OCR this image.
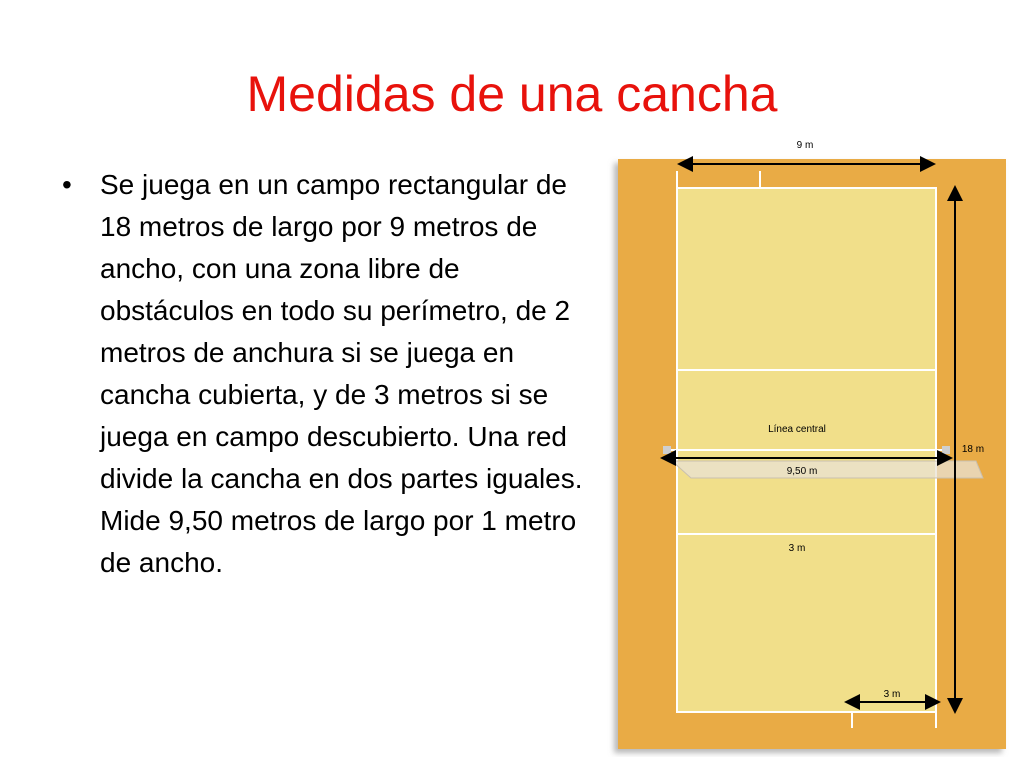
Medidas de una cancha
•	Se juega en un campo rectangular de 18 metros de largo por 9 metros de ancho, con una zona libre de obstáculos en todo su perímetro, de 2 metros de anchura si se juega en cancha cubierta, y de 3 metros si se juega en campo descubierto. Una red divide la cancha en dos partes iguales. Mide 9,50 metros de largo por 1 metro de ancho.
9 m
18 m
9,50 m
Línea central
3 m
3 m
